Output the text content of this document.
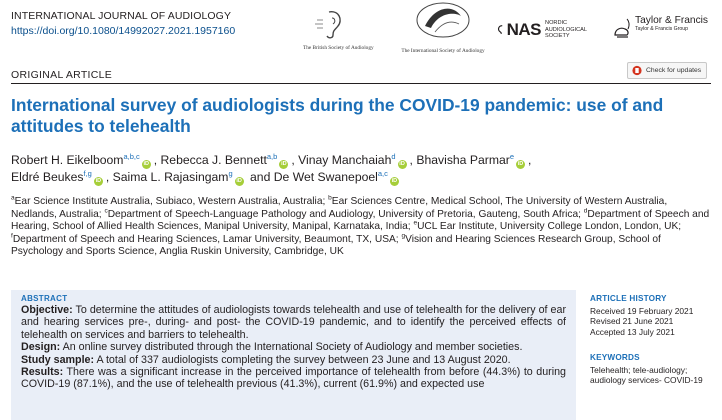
INTERNATIONAL JOURNAL OF AUDIOLOGY
https://doi.org/10.1080/14992027.2021.1957160
The British Society of Audiology	The International Society of Audiology
NAS NORDIC
AUDIOLOGICAL
SOCIETY
Taylor & Francis
Taylor & Francis Group
ORIGINAL ARTICLE	Check for updates
International survey of audiologists during the COVID-19 pandemic: use of and attitudes to telehealth
Robert H. Eikelboom$^{a,b,c}$iD , Rebecca J. Bennett$^{a,b}$iD , Vinay Manchaiah$^d$iD , Bhavisha Parmar$^e$iD ,
Eldré Beukes$^{f,g}$iD , Saima L. Rajasingam$^g$iD and De Wet Swanepoel$^{a,c}$iD
$^a$Ear Science Institute Australia, Subiaco, Western Australia, Australia; $^b$Ear Sciences Centre, Medical School, The University of Western Australia, Nedlands, Australia; $^c$Department of Speech-Language Pathology and Audiology, University of Pretoria, Gauteng, South Africa; $^d$Department of Speech and Hearing, School of Allied Health Sciences, Manipal University, Manipal, Karnataka, India; $^e$UCL Ear Institute, University College London, London, UK; $^f$Department of Speech and Hearing Sciences, Lamar University, Beaumont, TX, USA; $^g$Vision and Hearing Sciences Research Group, School of Psychology and Sports Science, Anglia Ruskin University, Cambridge, UK
ABSTRACT
Objective: To determine the attitudes of audiologists towards telehealth and use of telehealth for the delivery of ear and hearing services pre-, during- and post- the COVID-19 pandemic, and to identify the perceived effects of telehealth on services and barriers to telehealth.
Design: An online survey distributed through the International Society of Audiology and member societies.
Study sample: A total of 337 audiologists completing the survey between 23 June and 13 August 2020.
Results: There was a significant increase in the perceived importance of telehealth from before (44.3%) to during COVID-19 (87.1%), and the use of telehealth previous (41.3%), current (61.9%) and expected use
ARTICLE HISTORY
Received 19 February 2021
Revised 21 June 2021
Accepted 13 July 2021
KEYWORDS
Telehealth; tele-audiology; audiology services- COVID-19
